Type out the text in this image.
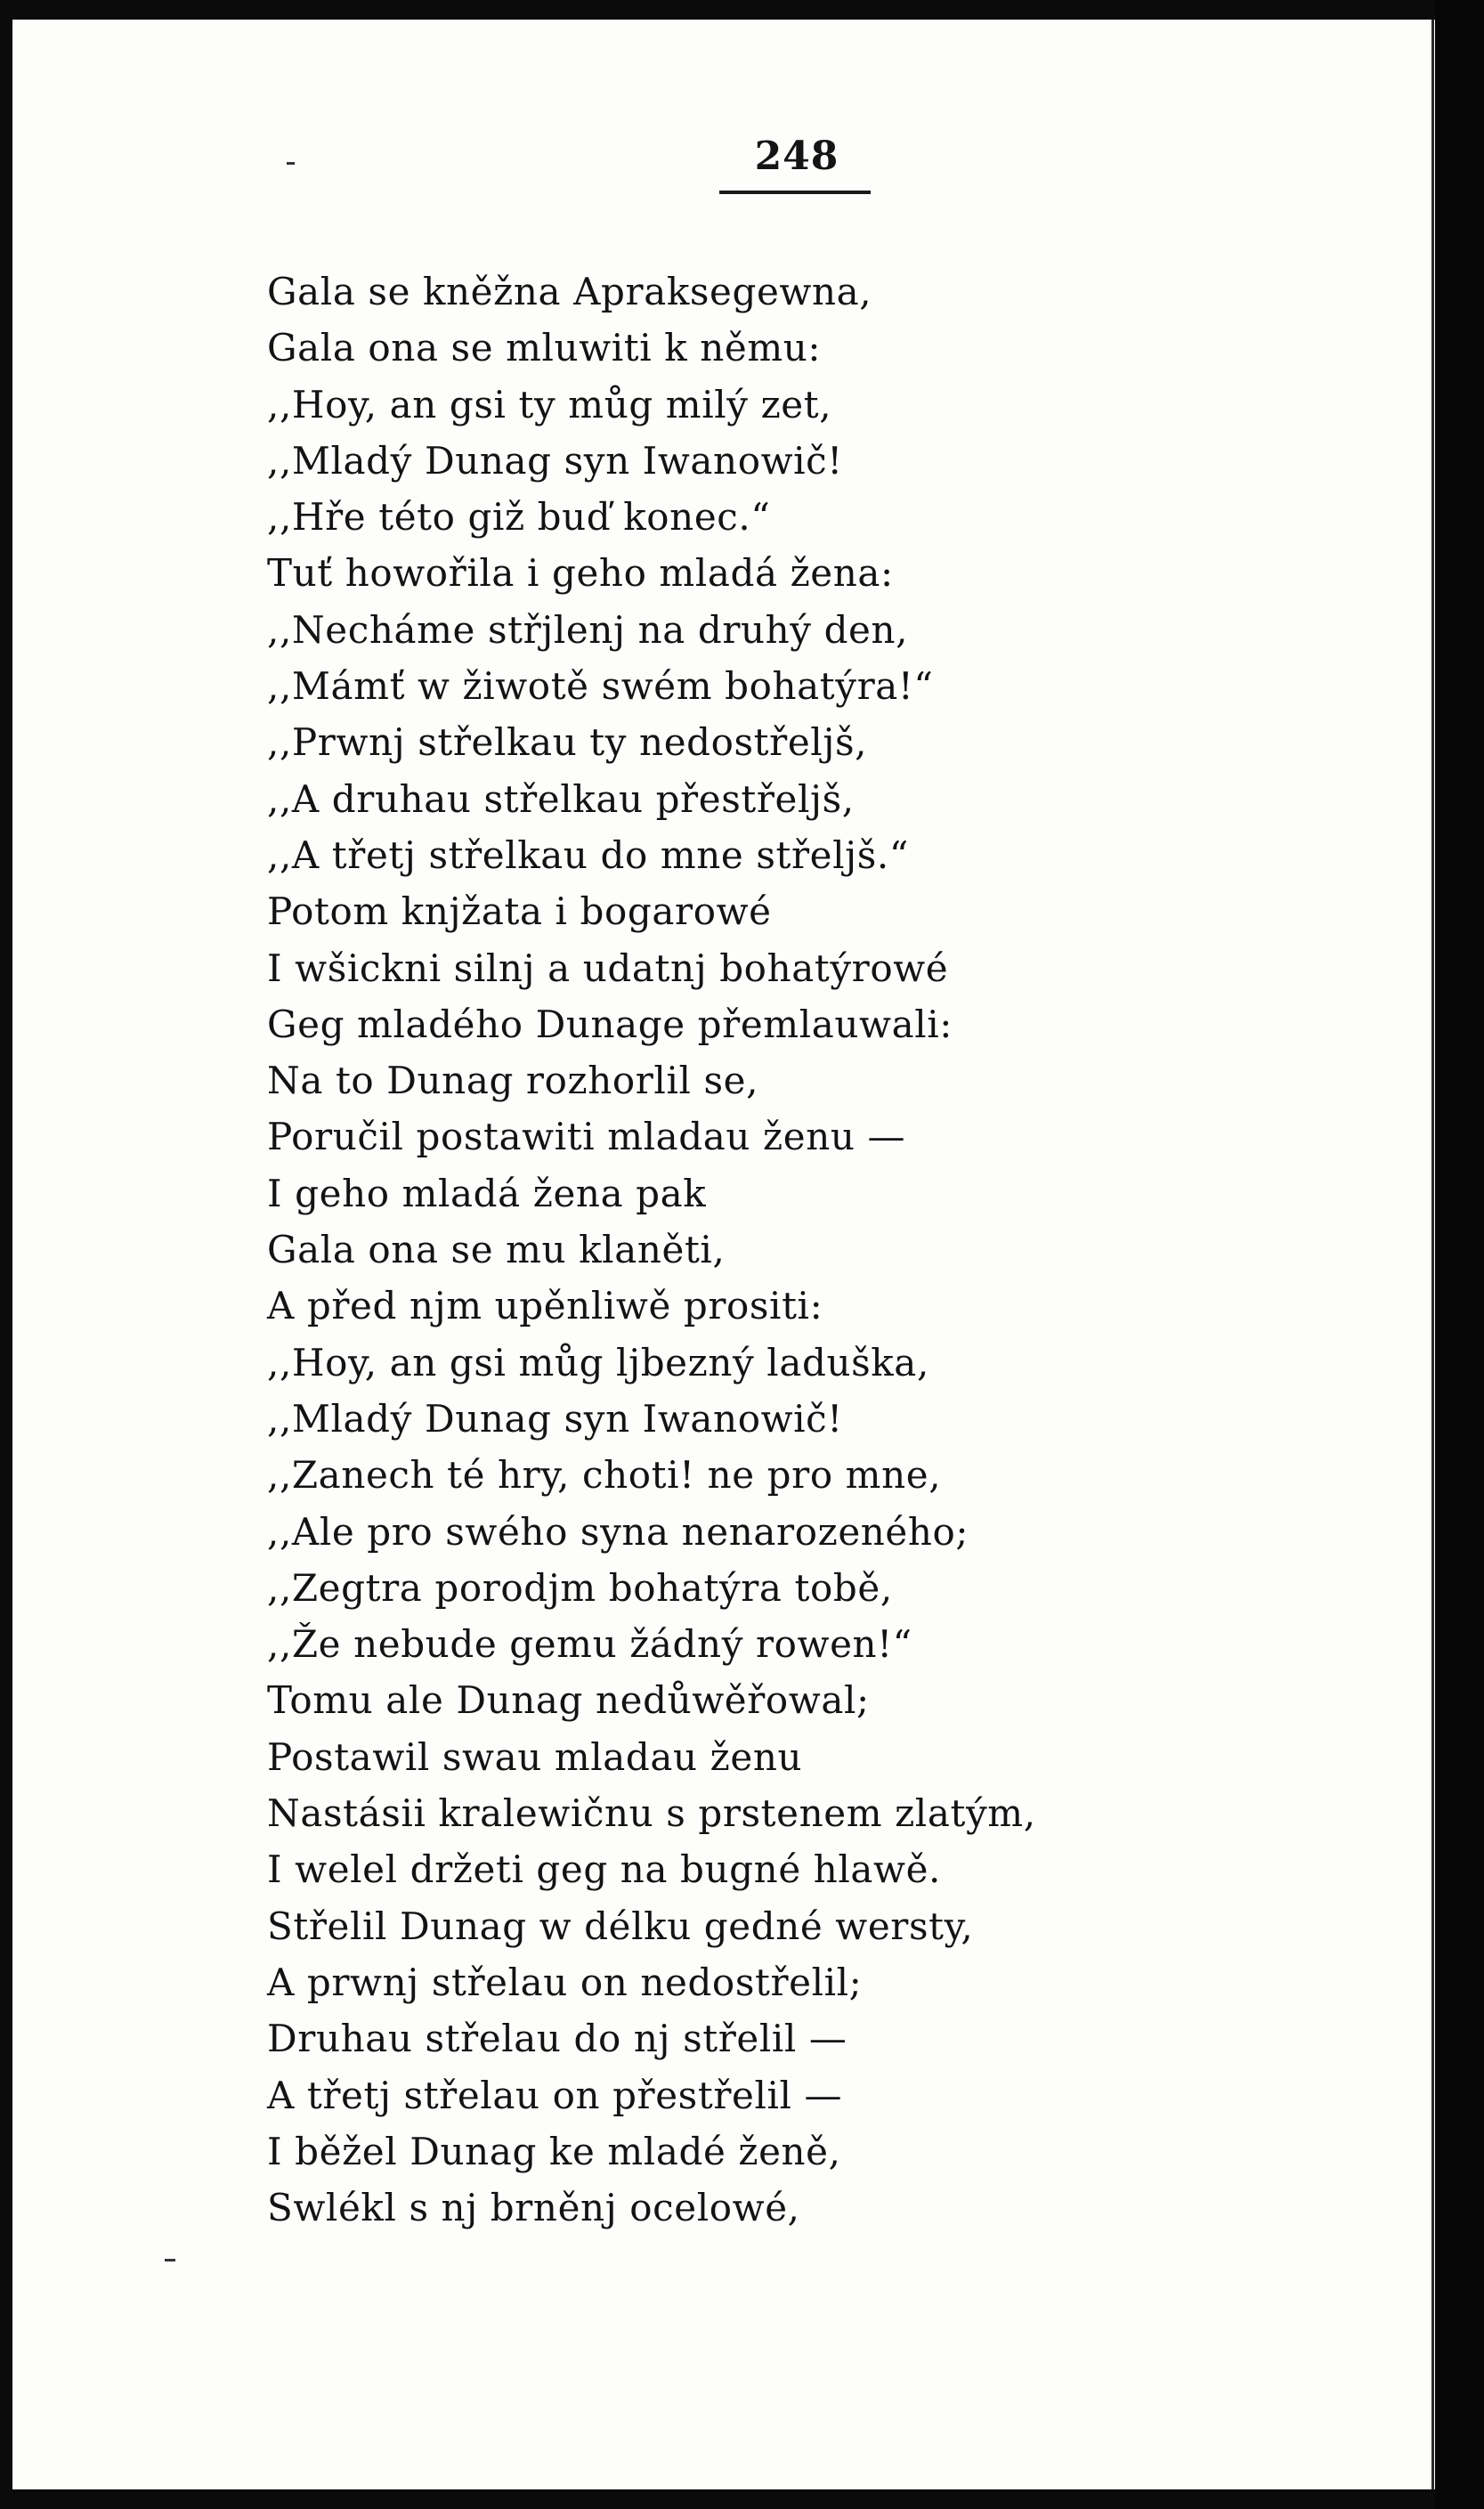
248
Gala se kněžna Apraksegewna,
Gala ona se mluwiti k němu:
,,Hoy, an gsi ty můg milý zet,
,,Mladý Dunag syn Iwanowič!
,,Hře této giž buď konec.“
Tuť howořila i geho mladá žena:
,,Necháme střjlenj na druhý den,
,,Mámť w žiwotě swém bohatýra!“
,,Prwnj střelkau ty nedostřeljš,
,,A druhau střelkau přestřeljš,
,,A třetj střelkau do mne střeljš.“
Potom knjžata i bogarowé
I wšickni silnj a udatnj bohatýrowé
Geg mladého Dunage přemlauwali:
Na to Dunag rozhorlil se,
Poručil postawiti mladau ženu —
I geho mladá žena pak
Gala ona se mu klaněti,
A před njm upěnliwě prositi:
,,Hoy, an gsi můg ljbezný laduška,
,,Mladý Dunag syn Iwanowič!
,,Zanech té hry, choti! ne pro mne,
,,Ale pro swého syna nenarozeného;
,,Zegtra porodjm bohatýra tobě,
,,Že nebude gemu žádný rowen!“
Tomu ale Dunag nedůwěřowal;
Postawil swau mladau ženu
Nastásii kralewičnu s prstenem zlatým,
I welel držeti geg na bugné hlawě.
Střelil Dunag w délku gedné wersty,
A prwnj střelau on nedostřelil;
Druhau střelau do nj střelil —
A třetj střelau on přestřelil —
I běžel Dunag ke mladé ženě,
Swlékl s nj brněnj ocelowé,
